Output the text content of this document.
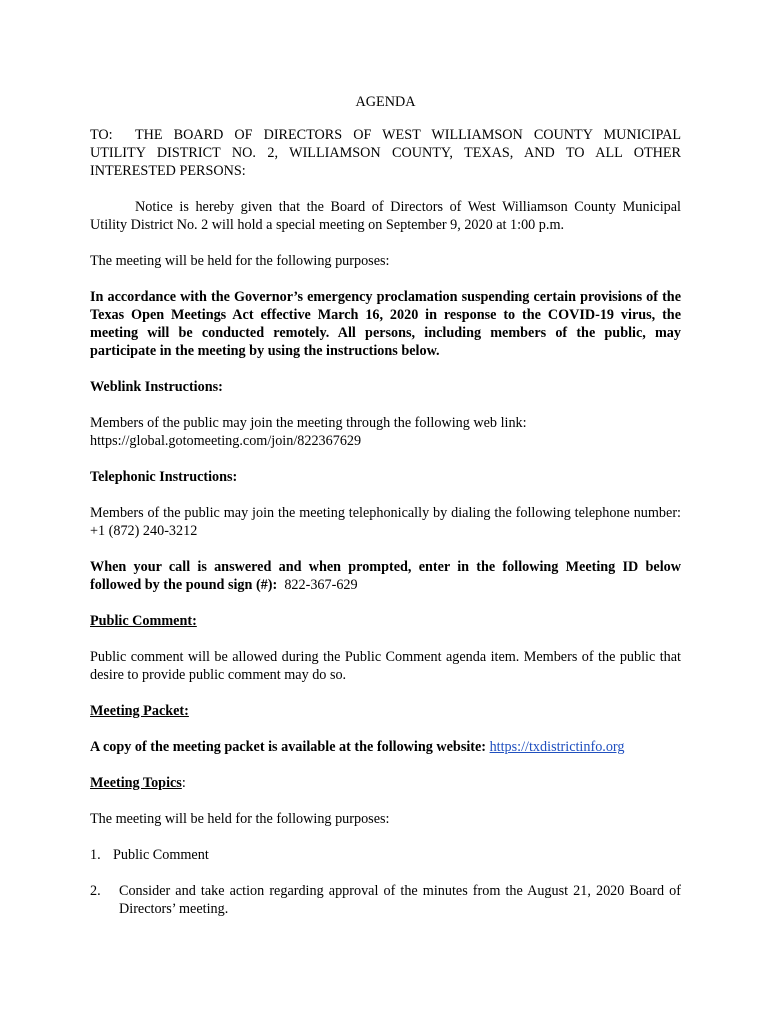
AGENDA

TO: THE BOARD OF DIRECTORS OF WEST WILLIAMSON COUNTY MUNICIPAL

UTILITY DISTRICT NO. 2, WILLIAMSON COUNTY, TEXAS, AND TO ALL OTHER

INTERESTED PERSONS:

Notice is hereby given that the Board of Directors of West Williamson County Municipal Utility District No. 2 will hold a special meeting on September 9, 2020 at 1:00 p.m.

The meeting will be held for the following purposes:

In accordance with the Governor’s emergency proclamation suspending certain provisions of the Texas Open Meetings Act effective March 16, 2020 in response to the COVID-19 virus, the meeting will be conducted remotely. All persons, including members of the public, may participate in the meeting by using the instructions below.

Weblink Instructions:

Members of the public may join the meeting through the following web link:

https://global.gotomeeting.com/join/822367629

Telephonic Instructions:

Members of the public may join the meeting telephonically by dialing the following telephone number: +1 (872) 240-3212

When your call is answered and when prompted, enter in the following Meeting ID below followed by the pound sign (#): 822-367-629

Public Comment:

Public comment will be allowed during the Public Comment agenda item. Members of the public that desire to provide public comment may do so.

Meeting Packet:

A copy of the meeting packet is available at the following website: https://txdistrictinfo.org

Meeting Topics:

The meeting will be held for the following purposes:

1. Public Comment
2.	Consider and take action regarding approval of the minutes from the August 21, 2020 Board of Directors’ meeting.
